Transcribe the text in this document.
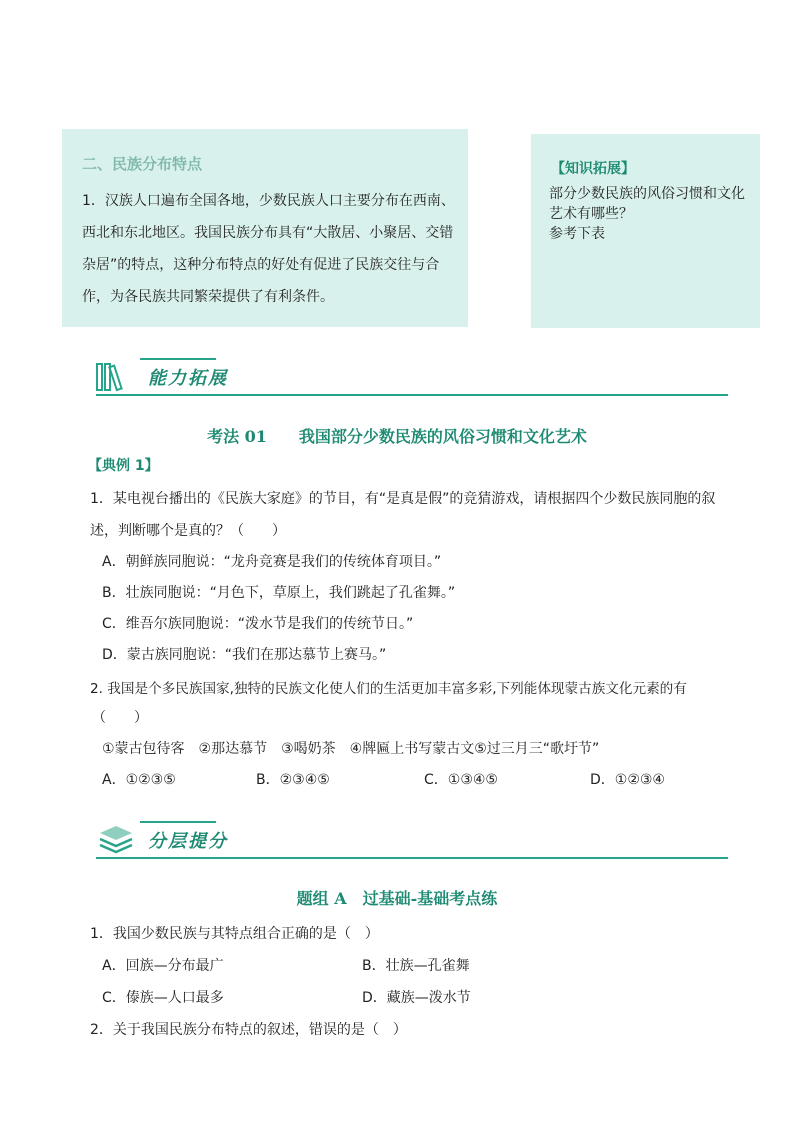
二、民族分布特点
1．汉族人口遍布全国各地，少数民族人口主要分布在西南、西北和东北地区。我国民族分布具有“大散居、小聚居、交错杂居”的特点，这种分布特点的好处有促进了民族交往与合作，为各民族共同繁荣提供了有利条件。
【知识拓展】
部分少数民族的风俗习惯和文化艺术有哪些？
参考下表
能力拓展
考法 01　　我国部分少数民族的风俗习惯和文化艺术
【典例 1】
1．某电视台播出的《民族大家庭》的节目，有“是真是假”的竞猜游戏，请根据四个少数民族同胞的叙
述，判断哪个是真的？（　　）
A．朝鲜族同胞说：“龙舟竞赛是我们的传统体育项目。”
B．壮族同胞说：“月色下，草原上，我们跳起了孔雀舞。”
C．维吾尔族同胞说：“泼水节是我们的传统节日。”
D．蒙古族同胞说：“我们在那达慕节上赛马。”
2. 我国是个多民族国家,独特的民族文化使人们的生活更加丰富多彩,下列能体现蒙古族文化元素的有
（　　）
①蒙古包待客　②那达慕节　③喝奶茶　④牌匾上书写蒙古文⑤过三月三“歌圩节”
A．①②③⑤	B．②③④⑤	C．①③④⑤	D．①②③④
分层提分
题组 A　过基础-基础考点练
1．我国少数民族与其特点组合正确的是（　）
A．回族—分布最广	B．壮族—孔雀舞
C．傣族—人口最多	D．藏族—泼水节
2．关于我国民族分布特点的叙述，错误的是（　）
